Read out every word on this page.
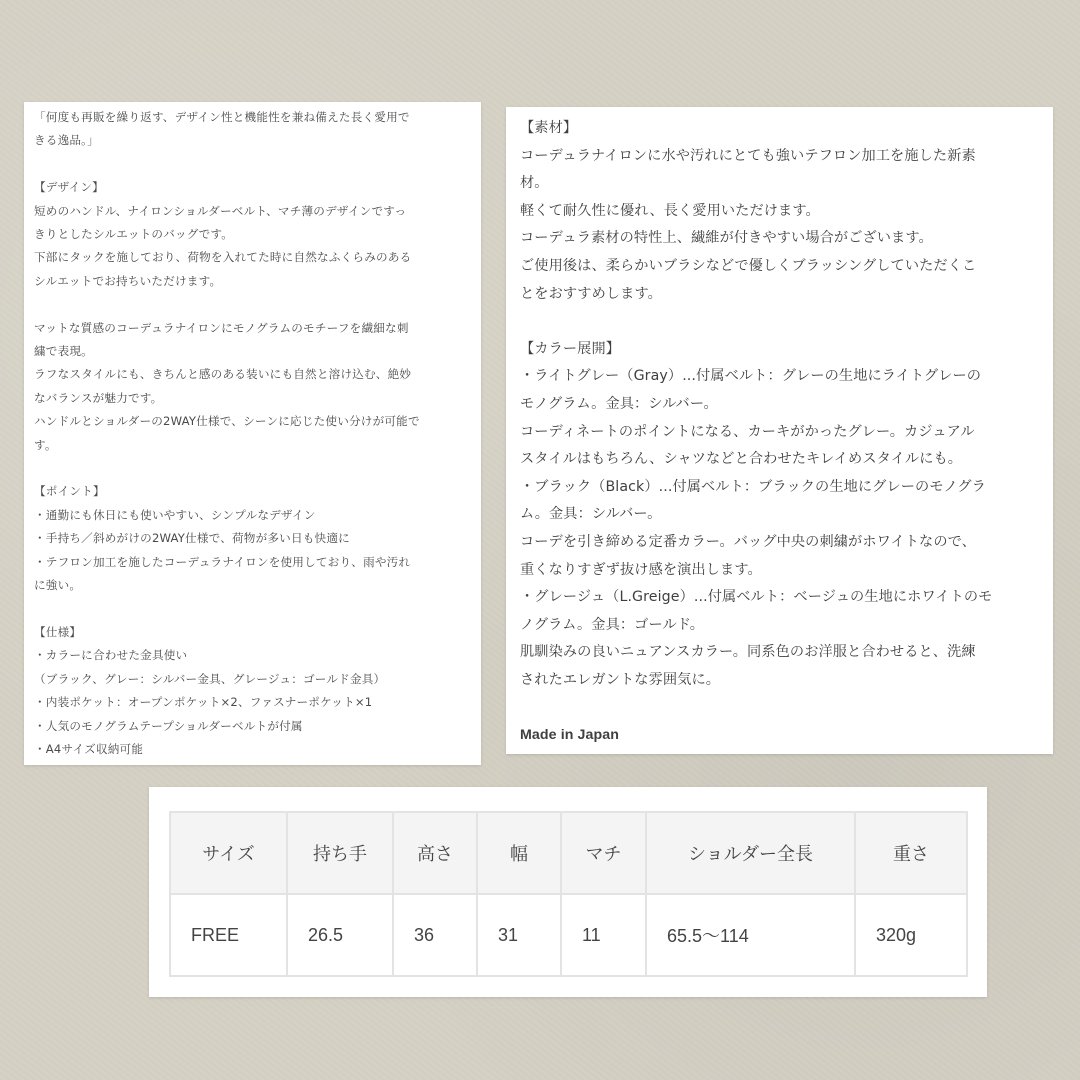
「何度も再販を繰り返す、デザイン性と機能性を兼ね備えた長く愛用で
きる逸品。」
【デザイン】
短めのハンドル、ナイロンショルダーベルト、マチ薄のデザインですっ
きりとしたシルエットのバッグです。
下部にタックを施しており、荷物を入れてた時に自然なふくらみのある
シルエットでお持ちいただけます。
マットな質感のコーデュラナイロンにモノグラムのモチーフを繊細な刺
繍で表現。
ラフなスタイルにも、きちんと感のある装いにも自然と溶け込む、絶妙
なバランスが魅力です。
ハンドルとショルダーの2WAY仕様で、シーンに応じた使い分けが可能で
す。
【ポイント】
・通勤にも休日にも使いやすい、シンプルなデザイン
・手持ち／斜めがけの2WAY仕様で、荷物が多い日も快適に
・テフロン加工を施したコーデュラナイロンを使用しており、雨や汚れ
に強い。
【仕様】
・カラーに合わせた金具使い
（ブラック、グレー：シルバー金具、グレージュ：ゴールド金具）
・内装ポケット：オープンポケット×2、ファスナーポケット×1
・人気のモノグラムテープショルダーベルトが付属
・A4サイズ収納可能
【素材】
コーデュラナイロンに水や汚れにとても強いテフロン加工を施した新素
材。
軽くて耐久性に優れ、長く愛用いただけます。
コーデュラ素材の特性上、繊維が付きやすい場合がございます。
ご使用後は、柔らかいブラシなどで優しくブラッシングしていただくこ
とをおすすめします。
【カラー展開】
・ライトグレー（Gray）...付属ベルト：グレーの生地にライトグレーの
モノグラム。金具：シルバー。
コーディネートのポイントになる、カーキがかったグレー。カジュアル
スタイルはもちろん、シャツなどと合わせたキレイめスタイルにも。
・ブラック（Black）...付属ベルト：ブラックの生地にグレーのモノグラ
ム。金具：シルバー。
コーデを引き締める定番カラー。バッグ中央の刺繍がホワイトなので、
重くなりすぎず抜け感を演出します。
・グレージュ（L.Greige）...付属ベルト：ベージュの生地にホワイトのモ
ノグラム。金具：ゴールド。
肌馴染みの良いニュアンスカラー。同系色のお洋服と合わせると、洗練
されたエレガントな雰囲気に。
Made in Japan
サイズ	持ち手	高さ	幅	マチ	ショルダー全長	重さ
FREE	26.5	36	31	11	65.5〜114	320g
